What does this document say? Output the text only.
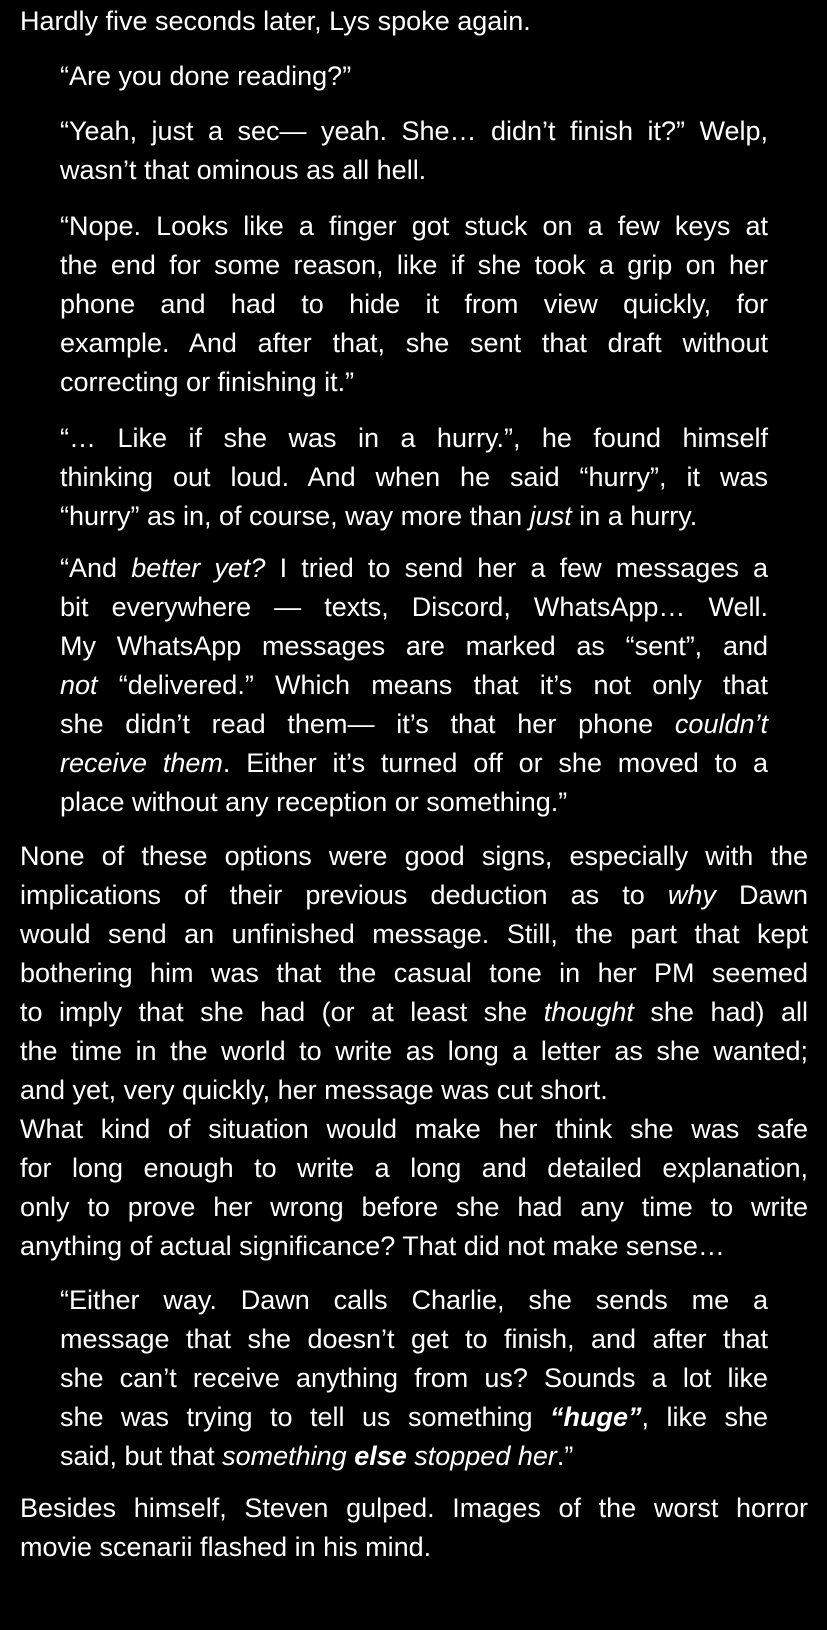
Hardly five seconds later, Lys spoke again.
“Are you done reading?”
“Yeah, just a sec— yeah. She… didn’t finish it?” Welp,
wasn’t that ominous as all hell.
“Nope. Looks like a finger got stuck on a few keys at
the end for some reason, like if she took a grip on her
phone and had to hide it from view quickly, for
example. And after that, she sent that draft without
correcting or finishing it.”
“… Like if she was in a hurry.”, he found himself
thinking out loud. And when he said “hurry”, it was
“hurry” as in, of course, way more than just in a hurry.
“And better yet? I tried to send her a few messages a
bit everywhere — texts, Discord, WhatsApp… Well.
My WhatsApp messages are marked as “sent”, and
not “delivered.” Which means that it’s not only that
she didn’t read them— it’s that her phone couldn’t
receive them. Either it’s turned off or she moved to a
place without any reception or something.”
None of these options were good signs, especially with the
implications of their previous deduction as to why Dawn
would send an unfinished message. Still, the part that kept
bothering him was that the casual tone in her PM seemed
to imply that she had (or at least she thought she had) all
the time in the world to write as long a letter as she wanted;
and yet, very quickly, her message was cut short.
What kind of situation would make her think she was safe
for long enough to write a long and detailed explanation,
only to prove her wrong before she had any time to write
anything of actual significance? That did not make sense…
“Either way. Dawn calls Charlie, she sends me a
message that she doesn’t get to finish, and after that
she can’t receive anything from us? Sounds a lot like
she was trying to tell us something “huge”, like she
said, but that something else stopped her.”
Besides himself, Steven gulped. Images of the worst horror
movie scenarii flashed in his mind.
